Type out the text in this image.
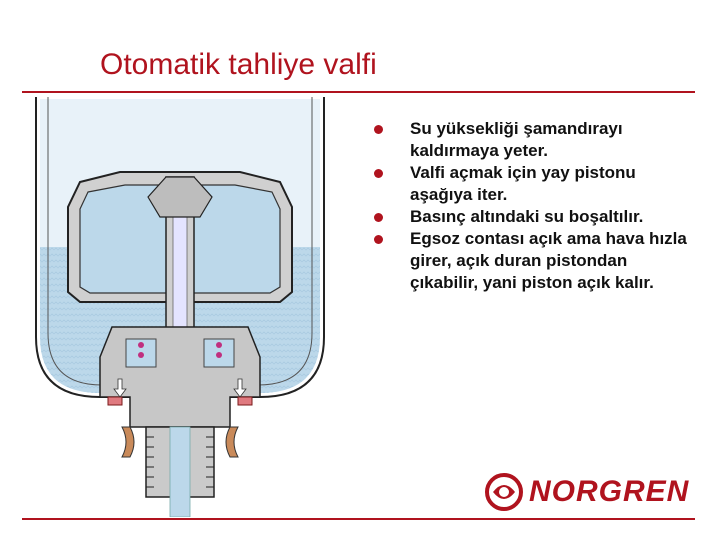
Otomatik tahliye valfi
Su yüksekliği şamandırayı kaldırmaya yeter.
Valfi açmak için yay pistonu aşağıya iter.
Basınç altındaki su boşaltılır.
Egsoz contası açık ama hava hızla girer, açık duran pistondan çıkabilir, yani piston açık kalır.
NORGREN
